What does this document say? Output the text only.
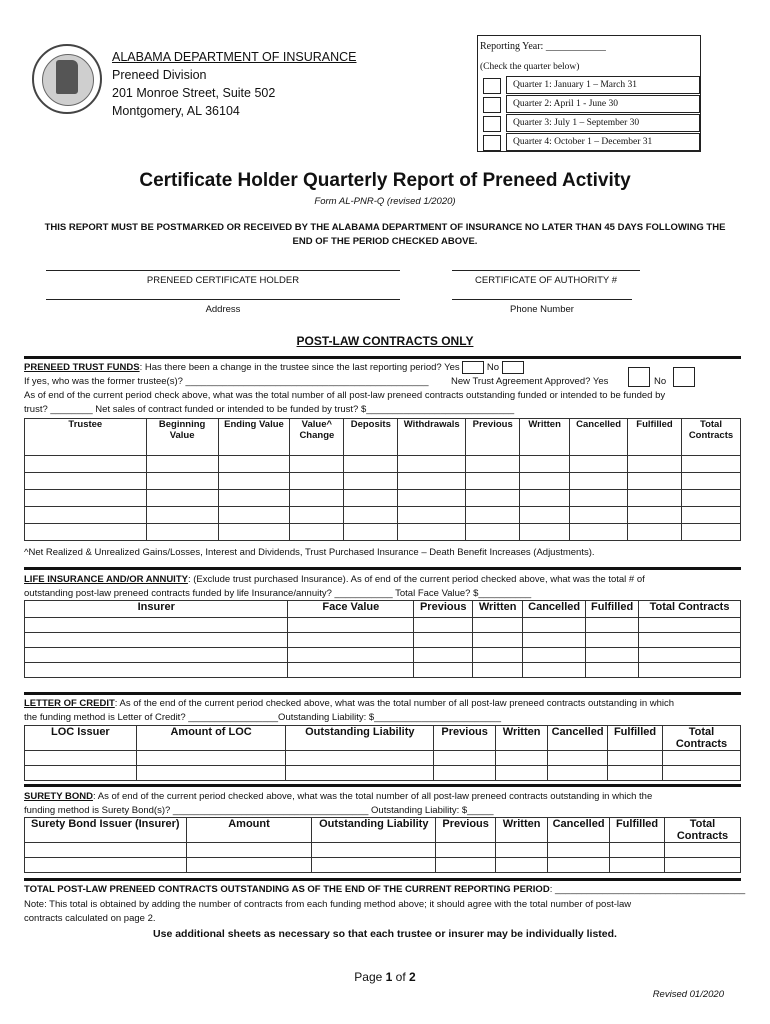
ALABAMA DEPARTMENT OF INSURANCE
Preneed Division
201 Monroe Street, Suite 502
Montgomery, AL 36104
Reporting Year: ____________
(Check the quarter below)
Quarter 1: January 1 – March 31
Quarter 2: April 1 - June 30
Quarter 3: July 1 – September 30
Quarter 4: October 1 – December 31
Certificate Holder Quarterly Report of Preneed Activity
Form AL-PNR-Q (revised 1/2020)
THIS REPORT MUST BE POSTMARKED OR RECEIVED BY THE ALABAMA DEPARTMENT OF INSURANCE NO LATER THAN 45 DAYS FOLLOWING THE END OF THE PERIOD CHECKED ABOVE.
PRENEED CERTIFICATE HOLDER	CERTIFICATE OF AUTHORITY #
Address	Phone Number
POST-LAW CONTRACTS ONLY
PRENEED TRUST FUNDS: Has there been a change in the trustee since the last reporting period? Yes	No
If yes, who was the former trustee(s)? ______________________________________________ New Trust Agreement Approved? Yes	No
As of end of the current period check above, what was the total number of all post-law preneed contracts outstanding funded or intended to be funded by
trust? ________ Net sales of contract funded or intended to be funded by trust? $____________________________
Trustee	Beginning Value	Ending Value	Value^ Change	Deposits	Withdrawals	Previous	Written	Cancelled	Fulfilled	Total Contracts

^Net Realized & Unrealized Gains/Losses, Interest and Dividends, Trust Purchased Insurance – Death Benefit Increases (Adjustments).
LIFE INSURANCE AND/OR ANNUITY: (Exclude trust purchased Insurance). As of end of the current period checked above, what was the total # of
outstanding post-law preneed contracts funded by life Insurance/annuity? ___________ Total Face Value? $__________
Insurer	Face Value	Previous	Written	Cancelled	Fulfilled	Total Contracts

LETTER OF CREDIT: As of the end of the current period checked above, what was the total number of all post-law preneed contracts outstanding in which
the funding method is Letter of Credit? _________________Outstanding Liability: $________________________
LOC Issuer	Amount of LOC	Outstanding Liability	Previous	Written	Cancelled	Fulfilled	Total Contracts

SURETY BOND: As of end of the current period checked above, what was the total number of all post-law preneed contracts outstanding in which the
funding method is Surety Bond(s)? _____________________________________ Outstanding Liability: $_____
Surety Bond Issuer (Insurer)	Amount	Outstanding Liability	Previous	Written	Cancelled	Fulfilled	Total Contracts

TOTAL POST-LAW PRENEED CONTRACTS OUTSTANDING AS OF THE END OF THE CURRENT REPORTING PERIOD: ____________________________________
Note: This total is obtained by adding the number of contracts from each funding method above; it should agree with the total number of post-law
contracts calculated on page 2.
Use additional sheets as necessary so that each trustee or insurer may be individually listed.
Page 1 of 2
Revised 01/2020
